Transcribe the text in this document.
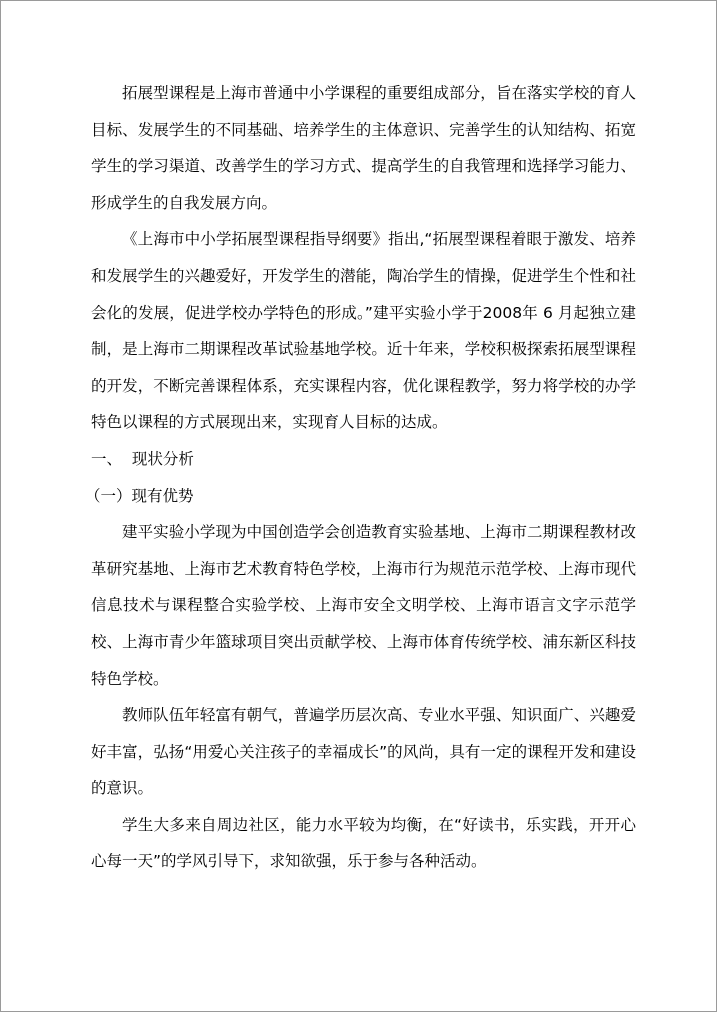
拓展型课程是上海市普通中小学课程的重要组成部分，旨在落实学校的育人目标、发展学生的不同基础、培养学生的主体意识、完善学生的认知结构、拓宽学生的学习渠道、改善学生的学习方式、提高学生的自我管理和选择学习能力、形成学生的自我发展方向。

《上海市中小学拓展型课程指导纲要》指出,“拓展型课程着眼于激发、培养和发展学生的兴趣爱好，开发学生的潜能，陶冶学生的情操，促进学生个性和社会化的发展，促进学校办学特色的形成。”建平实验小学于2008年 6 月起独立建制，是上海市二期课程改革试验基地学校。近十年来，学校积极探索拓展型课程的开发，不断完善课程体系，充实课程内容，优化课程教学，努力将学校的办学特色以课程的方式展现出来，实现育人目标的达成。

一、  现状分析

（一）现有优势

建平实验小学现为中国创造学会创造教育实验基地、上海市二期课程教材改革研究基地、上海市艺术教育特色学校，上海市行为规范示范学校、上海市现代信息技术与课程整合实验学校、上海市安全文明学校、上海市语言文字示范学校、上海市青少年篮球项目突出贡献学校、上海市体育传统学校、浦东新区科技特色学校。

教师队伍年轻富有朝气，普遍学历层次高、专业水平强、知识面广、兴趣爱好丰富，弘扬“用爱心关注孩子的幸福成长”的风尚，具有一定的课程开发和建设的意识。

学生大多来自周边社区，能力水平较为均衡，在“好读书，乐实践，开开心心每一天”的学风引导下，求知欲强，乐于参与各种活动。
